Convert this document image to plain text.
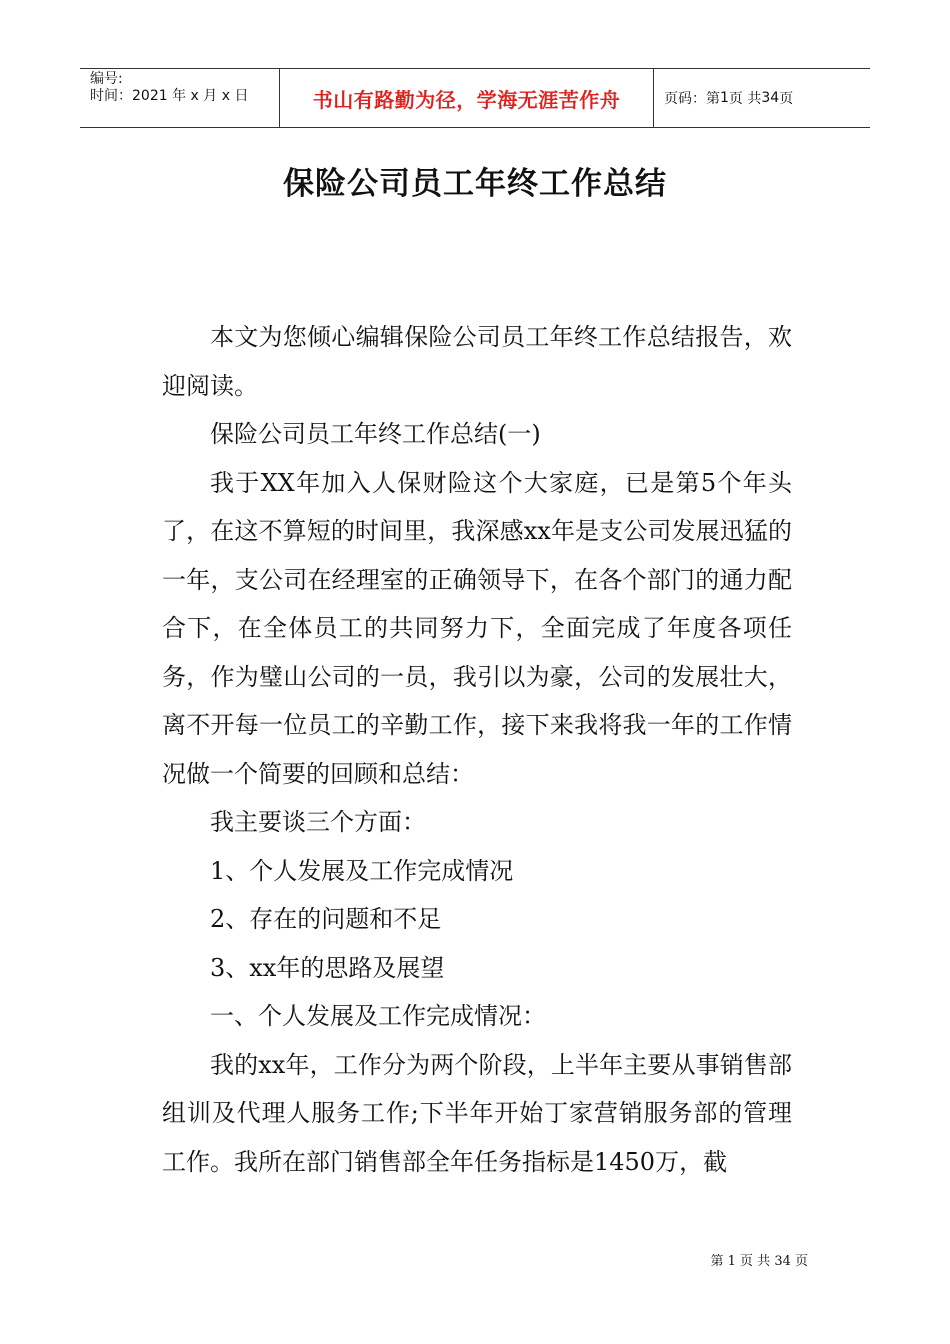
编号:
时间：2021 年 x 月 x 日	书山有路勤为径，学海无涯苦作舟	页码： 第 1 页 共 34 页
保险公司员工年终工作总结

本文为您倾心编辑保险公司员工年终工作总结报告，欢迎阅读。

保险公司员工年终工作总结(一)

我于XX年加入人保财险这个大家庭，已是第5个年头了，在这不算短的时间里，我深感xx年是支公司发展迅猛的一年，支公司在经理室的正确领导下，在各个部门的通力配合下，在全体员工的共同努力下，全面完成了年度各项任务，作为璧山公司的一员，我引以为豪，公司的发展壮大，离不开每一位员工的辛勤工作，接下来我将我一年的工作情况做一个简要的回顾和总结：

我主要谈三个方面：

1、个人发展及工作完成情况

2、存在的问题和不足

3、xx年的思路及展望

一、个人发展及工作完成情况：

我的xx年，工作分为两个阶段，上半年主要从事销售部组训及代理人服务工作;下半年开始丁家营销服务部的管理工作。我所在部门销售部全年任务指标是1450万，截

第 1 页 共 34 页
